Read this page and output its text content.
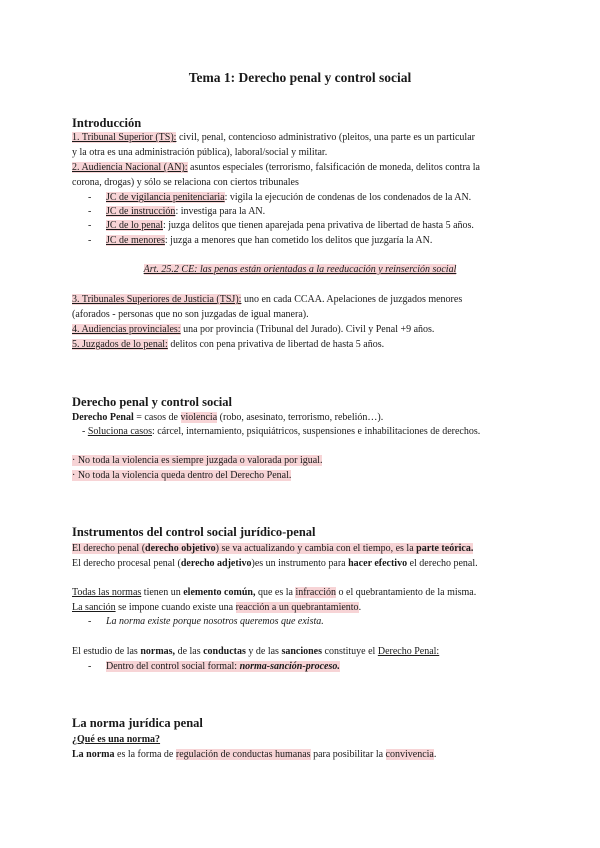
Tema 1: Derecho penal y control social
Introducción
1. Tribunal Superior (TS): civil, penal, contencioso administrativo (pleitos, una parte es un particular
y la otra es una administración pública), laboral/social y militar.
2. Audiencia Nacional (AN): asuntos especiales (terrorismo, falsificación de moneda, delitos contra la
corona, drogas) y sólo se relaciona con ciertos tribunales
- JC de vigilancia penitenciaria: vigila la ejecución de condenas de los condenados de la AN.
- JC de instrucción: investiga para la AN.
- JC de lo penal: juzga delitos que tienen aparejada pena privativa de libertad de hasta 5 años.
- JC de menores: juzga a menores que han cometido los delitos que juzgaría la AN.
Art. 25.2 CE: las penas están orientadas a la reeducación y reinserción social
3. Tribunales Superiores de Justicia (TSJ): uno en cada CCAA. Apelaciones de juzgados menores
(aforados - personas que no son juzgadas de igual manera).
4. Audiencias provinciales: una por provincia (Tribunal del Jurado). Civil y Penal +9 años.
5. Juzgados de lo penal: delitos con pena privativa de libertad de hasta 5 años.
Derecho penal y control social
Derecho Penal = casos de violencia (robo, asesinato, terrorismo, rebelión…).
- Soluciona casos: cárcel, internamiento, psiquiátricos, suspensiones e inhabilitaciones de derechos.
· No toda la violencia es siempre juzgada o valorada por igual.
· No toda la violencia queda dentro del Derecho Penal.
Instrumentos del control social jurídico-penal
El derecho penal (derecho objetivo) se va actualizando y cambia con el tiempo, es la parte teórica.
El derecho procesal penal (derecho adjetivo)es un instrumento para hacer efectivo el derecho penal.
Todas las normas tienen un elemento común, que es la infracción o el quebrantamiento de la misma.
La sanción se impone cuando existe una reacción a un quebrantamiento.
- La norma existe porque nosotros queremos que exista.
El estudio de las normas, de las conductas y de las sanciones constituye el Derecho Penal:
- Dentro del control social formal: norma-sanción-proceso.
La norma jurídica penal
¿Qué es una norma?
La norma es la forma de regulación de conductas humanas para posibilitar la convivencia.
